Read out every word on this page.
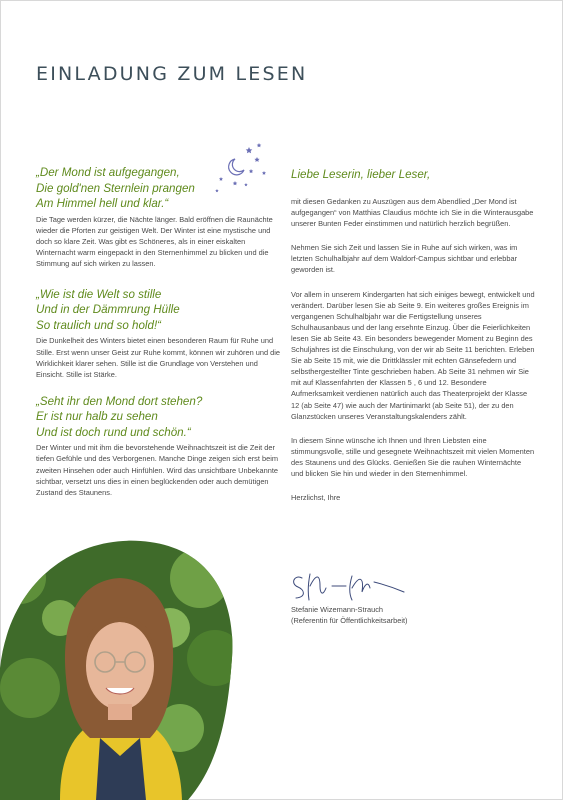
EINLADUNG ZUM LESEN

„Der Mond ist aufgegangen,
Die gold'nen Sternlein prangen
Am Himmel hell und klar.“

Die Tage werden kürzer, die Nächte länger. Bald eröffnen die Raunächte wieder die Pforten zur geistigen Welt. Der Winter ist eine mystische und doch so klare Zeit. Was gibt es Schöneres, als in einer eiskalten Winternacht warm eingepackt in den Sternenhimmel zu blicken und die Stimmung auf sich wirken zu lassen.

„Wie ist die Welt so stille
Und in der Dämmrung Hülle
So traulich und so hold!“

Die Dunkelheit des Winters bietet einen besonderen Raum für Ruhe und Stille. Erst wenn unser Geist zur Ruhe kommt, können wir zuhören und die Wirklichkeit klarer sehen. Stille ist die Grundlage von Verstehen und Einsicht. Stille ist Stärke.

„Seht ihr den Mond dort stehen?
Er ist nur halb zu sehen
Und ist doch rund und schön.“

Der Winter und mit ihm die bevorstehende Weihnachtszeit ist die Zeit der tiefen Gefühle und des Verborgenen. Manche Dinge zeigen sich erst beim zweiten Hinsehen oder auch Hinfühlen. Wird das unsichtbare Unbekannte sichtbar, versetzt uns dies in einen beglückenden oder auch demütigen Zustand des Staunens.

Liebe Leserin, lieber Leser,

mit diesen Gedanken zu Auszügen aus dem Abendlied „Der Mond ist aufgegangen“ von Matthias Claudius möchte ich Sie in die Winterausgabe unserer Bunten Feder einstimmen und natürlich herzlich begrüßen.

Nehmen Sie sich Zeit und lassen Sie in Ruhe auf sich wirken, was im letzten Schulhalbjahr auf dem Waldorf-Campus sichtbar und erlebbar geworden ist.

Vor allem in unserem Kindergarten hat sich einiges bewegt, entwickelt und verändert. Darüber lesen Sie ab Seite 9. Ein weiteres großes Ereignis im vergangenen Schulhalbjahr war die Fertigstellung unseres Schulhausanbaus und der lang ersehnte Einzug. Über die Feierlichkeiten lesen Sie ab Seite 43. Ein besonders bewegender Moment zu Beginn des Schuljahres ist die Einschulung, von der wir ab Seite 11 berichten. Erleben Sie ab Seite 15 mit, wie die Drittklässler mit echten Gänsefedern und selbsthergestellter Tinte geschrieben haben. Ab Seite 31 nehmen wir Sie mit auf Klassenfahrten der Klassen 5 , 6 und 12. Besondere Aufmerksamkeit verdienen natürlich auch das Theaterprojekt der Klasse 12 (ab Seite 47) wie auch der Martinimarkt (ab Seite 51), der zu den Glanzstücken unseres Veranstaltungskalenders zählt.

In diesem Sinne wünsche ich Ihnen und Ihren Liebsten eine stimmungsvolle, stille und gesegnete Weihnachtszeit mit vielen Momenten des Staunens und des Glücks. Genießen Sie die rauhen Winternächte und blicken Sie hin und wieder in den Sternenhimmel.

Herzlichst, Ihre

Stefanie Wizemann-Strauch
(Referentin für Öffentlichkeitsarbeit)
